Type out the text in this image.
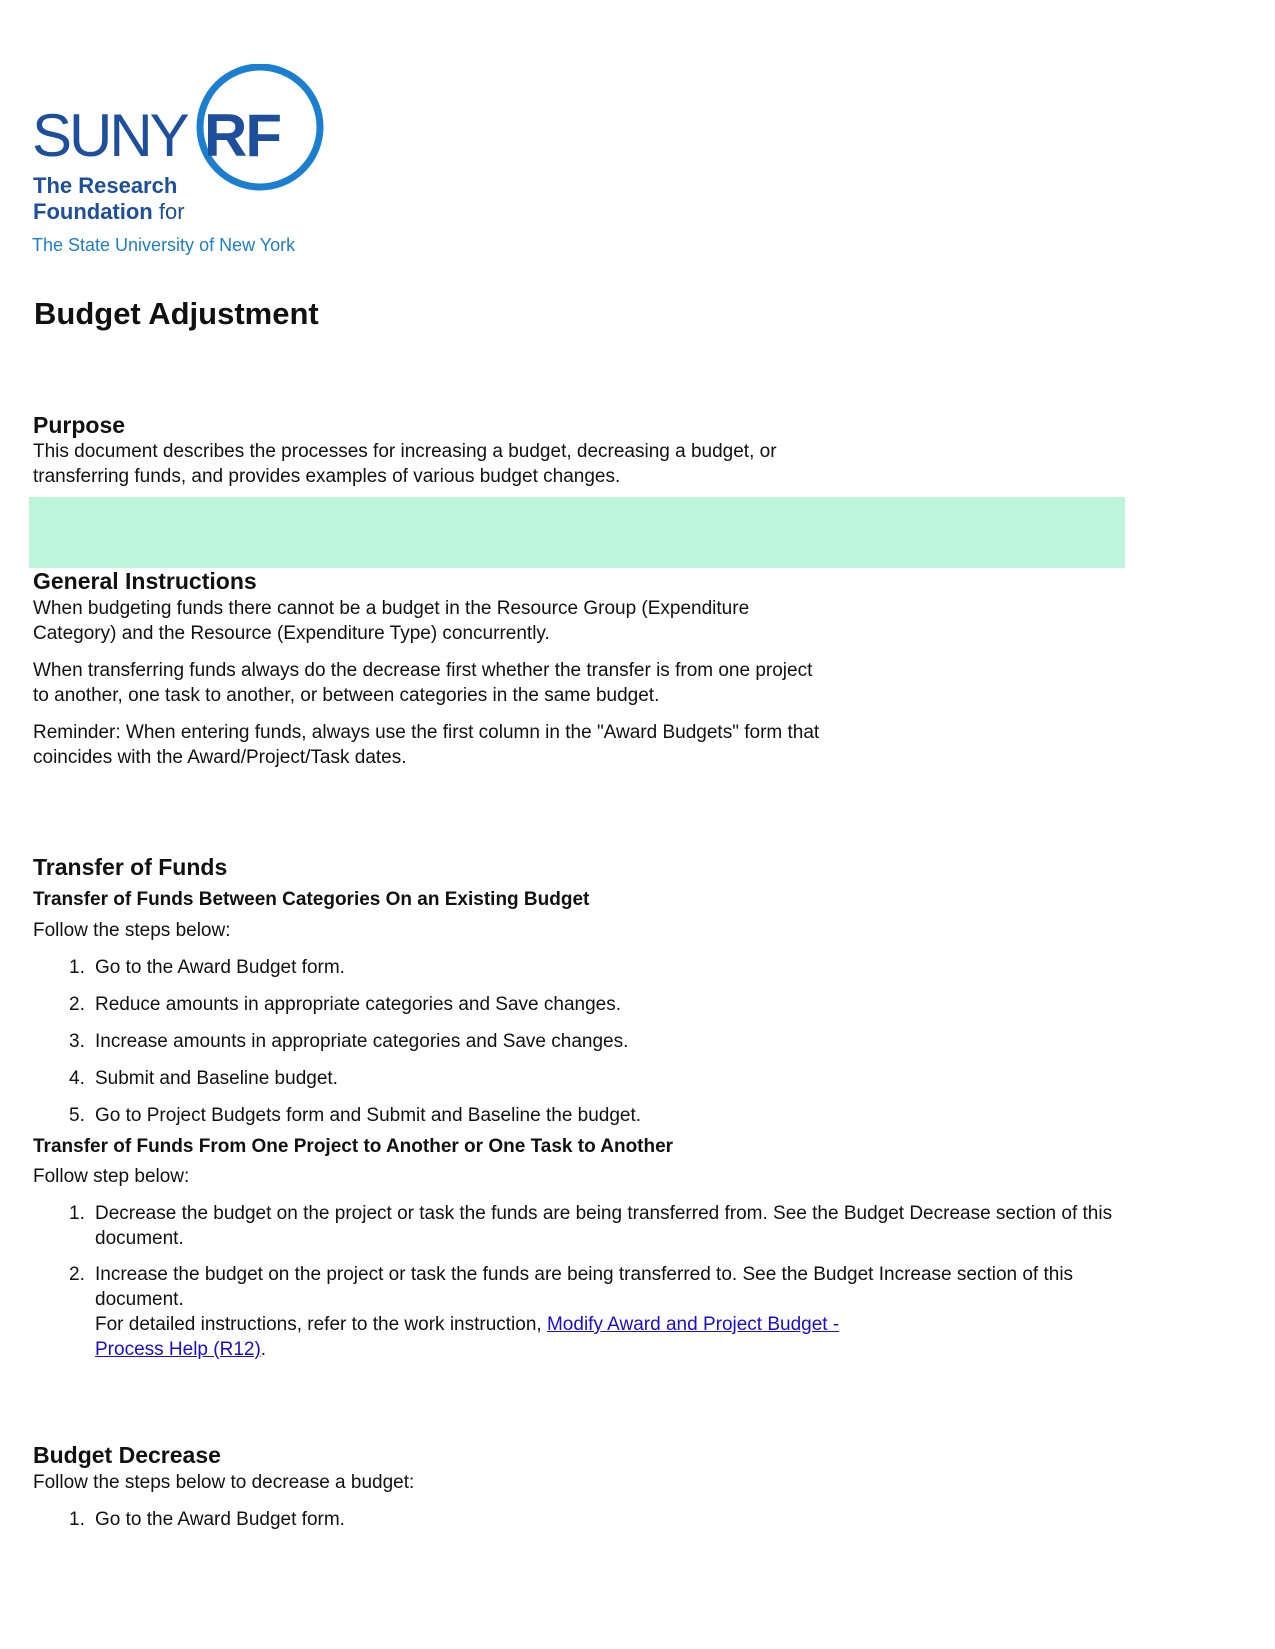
SUNY RF
The Research
Foundation for
The State University of New York
Budget Adjustment
Purpose

This document describes the processes for increasing a budget, decreasing a budget, or

transferring funds, and provides examples of various budget changes.

General Instructions

When budgeting funds there cannot be a budget in the Resource Group (Expenditure

Category) and the Resource (Expenditure Type) concurrently.

When transferring funds always do the decrease first whether the transfer is from one project

to another, one task to another, or between categories in the same budget.

Reminder: When entering funds, always use the first column in the "Award Budgets" form that

coincides with the Award/Project/Task dates.

Transfer of Funds
Transfer of Funds Between Categories On an Existing Budget

Follow the steps below:

1. Go to the Award Budget form.
2. Reduce amounts in appropriate categories and Save changes.
3. Increase amounts in appropriate categories and Save changes.
4. Submit and Baseline budget.
5. Go to Project Budgets form and Submit and Baseline the budget.
Transfer of Funds From One Project to Another or One Task to Another

Follow step below:

1. Decrease the budget on the project or task the funds are being transferred from. See the Budget Decrease section of this
document.
2. Increase the budget on the project or task the funds are being transferred to. See the Budget Increase section of this
document.
For detailed instructions, refer to the work instruction, Modify Award and Project Budget -
Process Help (R12).
Budget Decrease

Follow the steps below to decrease a budget:

1. Go to the Award Budget form.
